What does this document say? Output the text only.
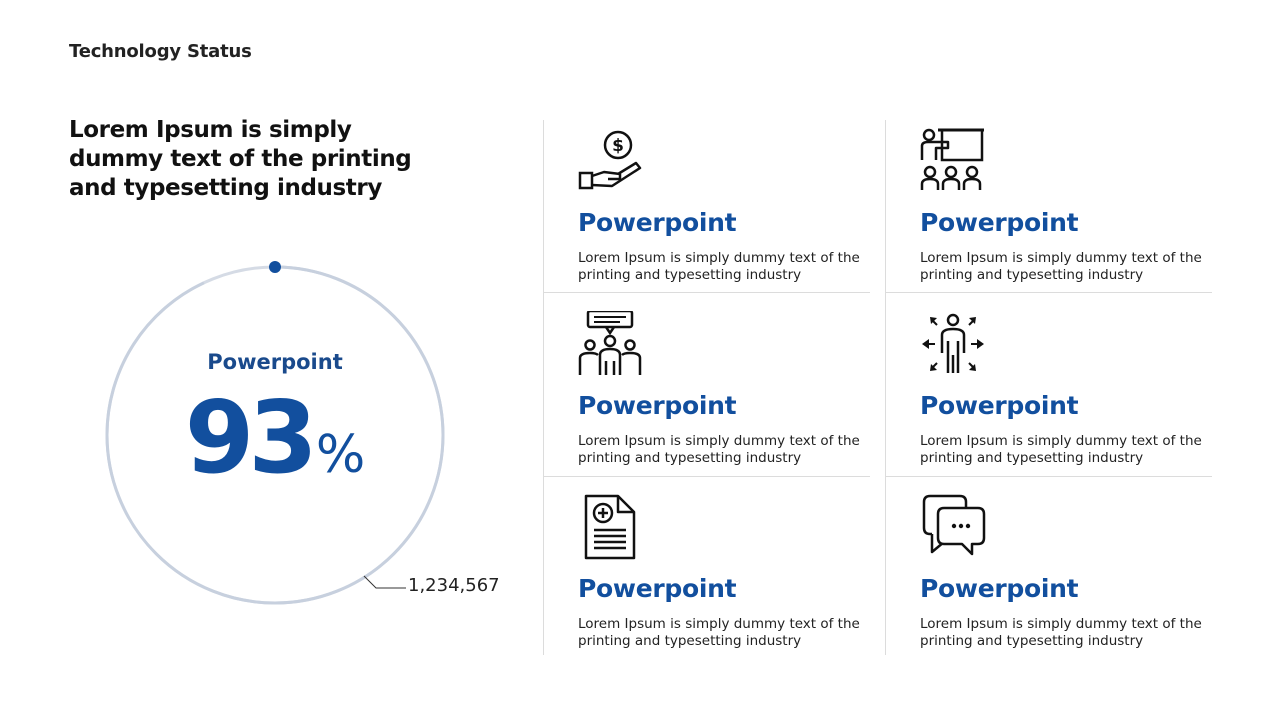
Technology Status
Lorem Ipsum is simply dummy text of the printing and typesetting industry
Powerpoint
93%
1,234,567
$
Powerpoint
Lorem Ipsum is simply dummy text of the printing and typesetting industry
Powerpoint
Lorem Ipsum is simply dummy text of the printing and typesetting industry
Powerpoint
Lorem Ipsum is simply dummy text of the printing and typesetting industry
Powerpoint
Lorem Ipsum is simply dummy text of the printing and typesetting industry
Powerpoint
Lorem Ipsum is simply dummy text of the printing and typesetting industry
Powerpoint
Lorem Ipsum is simply dummy text of the printing and typesetting industry
